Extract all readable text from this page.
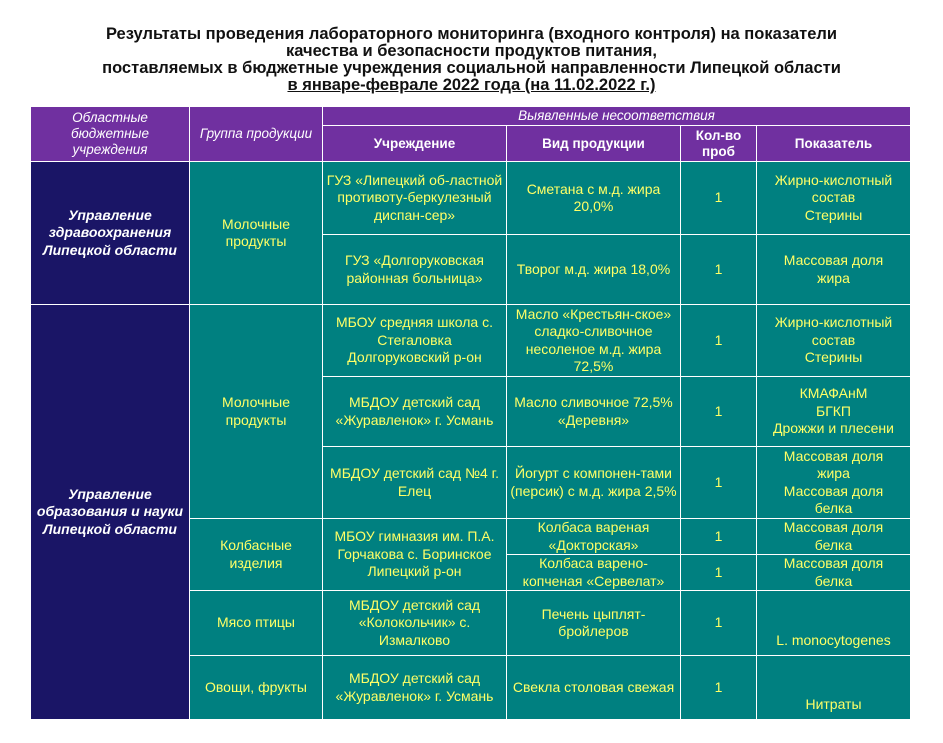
Результаты проведения лабораторного мониторинга (входного контроля) на показатели
качества и безопасности продуктов питания,
поставляемых в бюджетные учреждения социальной направленности Липецкой области
в январе-февралe 2022 года (на 11.02.2022 г.)
Областные бюджетные учреждения	Группа продукции	Выявленные несоответствия			
		Учреждение	Вид продукции	Кол-во проб	Показатель
Управление здравоохранения Липецкой области	Молочные продукты	ГУЗ «Липецкий об-ластной противоту-беркулезный диспан-сер»	Сметана с м.д. жира 20,0%	1	Жирно-кислотный
состав
Стерины

		ГУЗ «Долгоруковская районная больница»	Творог м.д. жира 18,0%	1	Массовая доля
жира

Управление образования и науки Липецкой области	Молочные продукты	МБОУ средняя школа с. Стегаловка Долгоруковский р-он	Масло «Крестьян-ское» сладко-сливочное несоленое м.д. жира 72,5%	1	Жирно-кислотный
состав
Стерины

		МБДОУ детский сад «Журавленок» г. Усмань	Масло сливочное 72,5% «Деревня»	1	КМАФАнМ
БГКП
Дрожжи и плесени

		МБДОУ детский сад №4 г. Елец	Йогурт с компонен-тами (персик) с м.д. жира 2,5%	1	Массовая доля
жира
Массовая доля
белка

	Колбасные изделия	МБОУ гимназия им. П.А. Горчакова с. Боринское Липецкий р-он	Колбаса вареная «Докторская»	1	Массовая доля
белка

			Колбаса варено-копченая «Сервелат»	1	Массовая доля
белка

	Мясо птицы	МБДОУ детский сад «Колокольчик» с. Измалково	Печень цыплят-бройлеров	1	L. monocytogenes

	Овощи, фрукты	МБДОУ детский сад «Журавленок» г. Усмань	Свекла столовая свежая	1	Нитраты
